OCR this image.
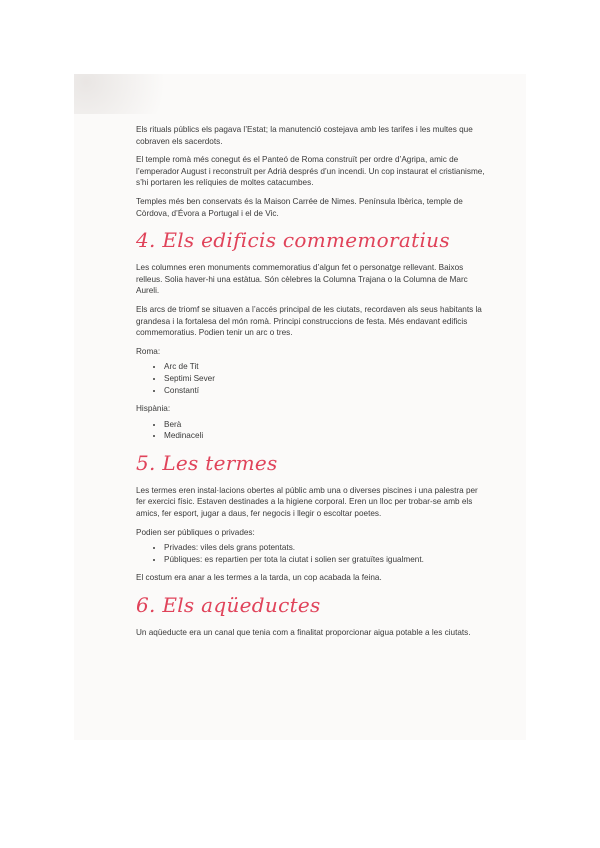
Els rituals públics els pagava l’Estat; la manutenció costejava amb les tarifes i les multes que cobraven els sacerdots.

El temple romà més conegut és el Panteó de Roma construït per ordre d’Agripa, amic de l’emperador August i reconstruït per Adrià després d’un incendi. Un cop instaurat el cristianisme, s’hi portaren les relíquies de moltes catacumbes.

Temples més ben conservats és la Maison Carrée de Nimes. Península Ibèrica, temple de Còrdova, d’Évora a Portugal i el de Vic.

4. Els edificis commemoratius

Les columnes eren monuments commemoratius d’algun fet o personatge rellevant. Baixos relleus. Solia haver-hi una estàtua. Són cèlebres la Columna Trajana o la Columna de Marc Aureli.

Els arcs de triomf se situaven a l’accés principal de les ciutats, recordaven als seus habitants la grandesa i la fortalesa del món romà. Principi construccions de festa. Més endavant edificis commemoratius. Podien tenir un arc o tres.

Roma:

• Arc de Tit
• Septimi Sever
• Constantí

Hispània:

• Berà
• Medinaceli
5. Les termes

Les termes eren instal·lacions obertes al públic amb una o diverses piscines i una palestra per fer exercici físic. Estaven destinades a la higiene corporal. Eren un lloc per trobar-se amb els amics, fer esport, jugar a daus, fer negocis i llegir o escoltar poetes.

Podien ser públiques o privades:

• Privades: viles dels grans potentats.
• Públiques: es repartien per tota la ciutat i solien ser gratuïtes igualment.

El costum era anar a les termes a la tarda, un cop acabada la feina.

6. Els aqüeductes

Un aqüeducte era un canal que tenia com a finalitat proporcionar aigua potable a les ciutats.
